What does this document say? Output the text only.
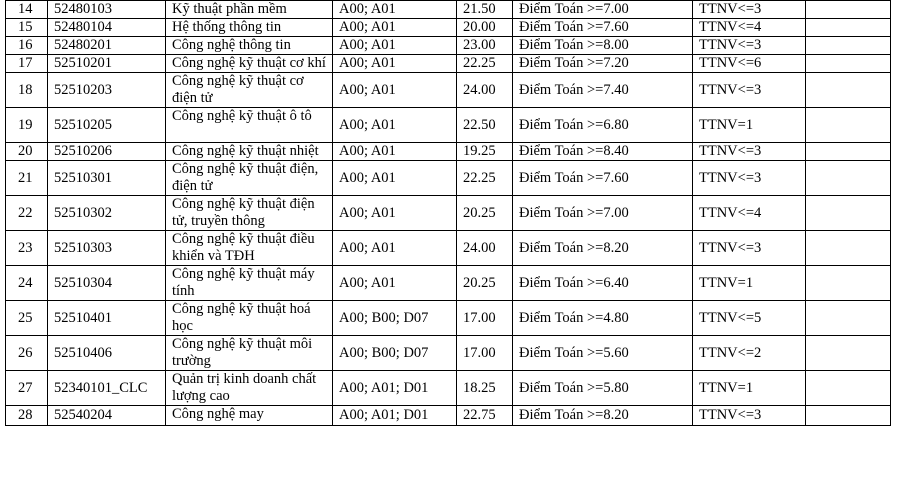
14	52480103	Kỹ thuật phần mềm	A00; A01	21.50	Điểm Toán >=7.00	TTNV<=3	
15	52480104	Hệ thống thông tin	A00; A01	20.00	Điểm Toán >=7.60	TTNV<=4	
16	52480201	Công nghệ thông tin	A00; A01	23.00	Điểm Toán >=8.00	TTNV<=3	
17	52510201	Công nghệ kỹ thuật cơ khí	A00; A01	22.25	Điểm Toán >=7.20	TTNV<=6	
18	52510203	Công nghệ kỹ thuật cơ điện tử	A00; A01	24.00	Điểm Toán >=7.40	TTNV<=3	
19	52510205	Công nghệ kỹ thuật ô tô	A00; A01	22.50	Điểm Toán >=6.80	TTNV=1	
20	52510206	Công nghệ kỹ thuật nhiệt	A00; A01	19.25	Điểm Toán >=8.40	TTNV<=3	
21	52510301	Công nghệ kỹ thuật điện, điện tử	A00; A01	22.25	Điểm Toán >=7.60	TTNV<=3	
22	52510302	Công nghệ kỹ thuật điện tử, truyền thông	A00; A01	20.25	Điểm Toán >=7.00	TTNV<=4	
23	52510303	Công nghệ kỹ thuật điều khiển và TĐH	A00; A01	24.00	Điểm Toán >=8.20	TTNV<=3	
24	52510304	Công nghệ kỹ thuật máy tính	A00; A01	20.25	Điểm Toán >=6.40	TTNV=1	
25	52510401	Công nghệ kỹ thuật hoá học	A00; B00; D07	17.00	Điểm Toán >=4.80	TTNV<=5	
26	52510406	Công nghệ kỹ thuật môi trường	A00; B00; D07	17.00	Điểm Toán >=5.60	TTNV<=2	
27	52340101_CLC	Quản trị kinh doanh chất lượng cao	A00; A01; D01	18.25	Điểm Toán >=5.80	TTNV=1	
28	52540204	Công nghệ may	A00; A01; D01	22.75	Điểm Toán >=8.20	TTNV<=3	
